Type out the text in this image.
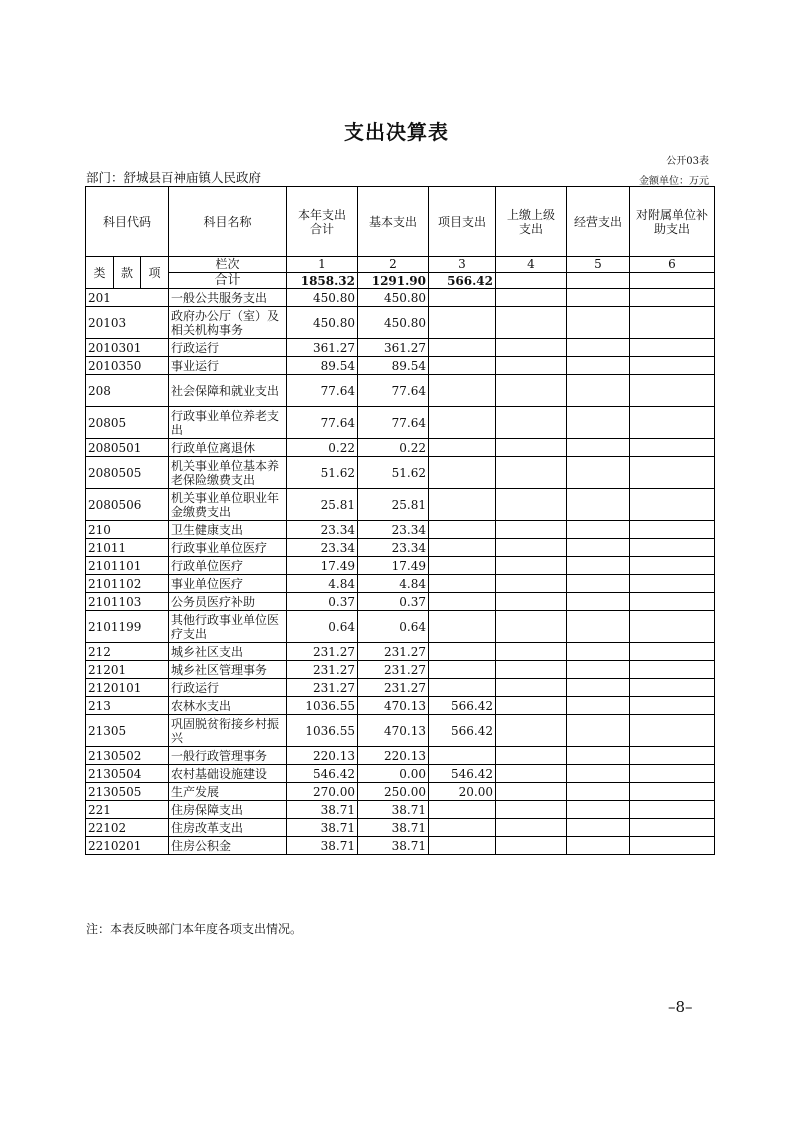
支出决算表
公开03表
部门：舒城县百神庙镇人民政府	金额单位：万元
科目代码			科目名称	本年支出合计	基本支出	项目支出	上缴上级支出	经营支出	对附属单位补助支出
类	款	项	栏次	1	2	3	4	5	6
			合计	1858.32	1291.90	566.42			
201			一般公共服务支出	450.80	450.80				
20103			政府办公厅（室）及相关机构事务	450.80	450.80				
2010301			行政运行	361.27	361.27				
2010350			事业运行	89.54	89.54				
208			社会保障和就业支出	77.64	77.64				
20805			行政事业单位养老支出	77.64	77.64				
2080501			行政单位离退休	0.22	0.22				
2080505			机关事业单位基本养老保险缴费支出	51.62	51.62				
2080506			机关事业单位职业年金缴费支出	25.81	25.81				
210			卫生健康支出	23.34	23.34				
21011			行政事业单位医疗	23.34	23.34				
2101101			行政单位医疗	17.49	17.49				
2101102			事业单位医疗	4.84	4.84				
2101103			公务员医疗补助	0.37	0.37				
2101199			其他行政事业单位医疗支出	0.64	0.64				
212			城乡社区支出	231.27	231.27				
21201			城乡社区管理事务	231.27	231.27				
2120101			行政运行	231.27	231.27				
213			农林水支出	1036.55	470.13	566.42			
21305			巩固脱贫衔接乡村振兴	1036.55	470.13	566.42			
2130502			一般行政管理事务	220.13	220.13				
2130504			农村基础设施建设	546.42	0.00	546.42			
2130505			生产发展	270.00	250.00	20.00			
221			住房保障支出	38.71	38.71				
22102			住房改革支出	38.71	38.71				
2210201			住房公积金	38.71	38.71				
注：本表反映部门本年度各项支出情况。
–8–
